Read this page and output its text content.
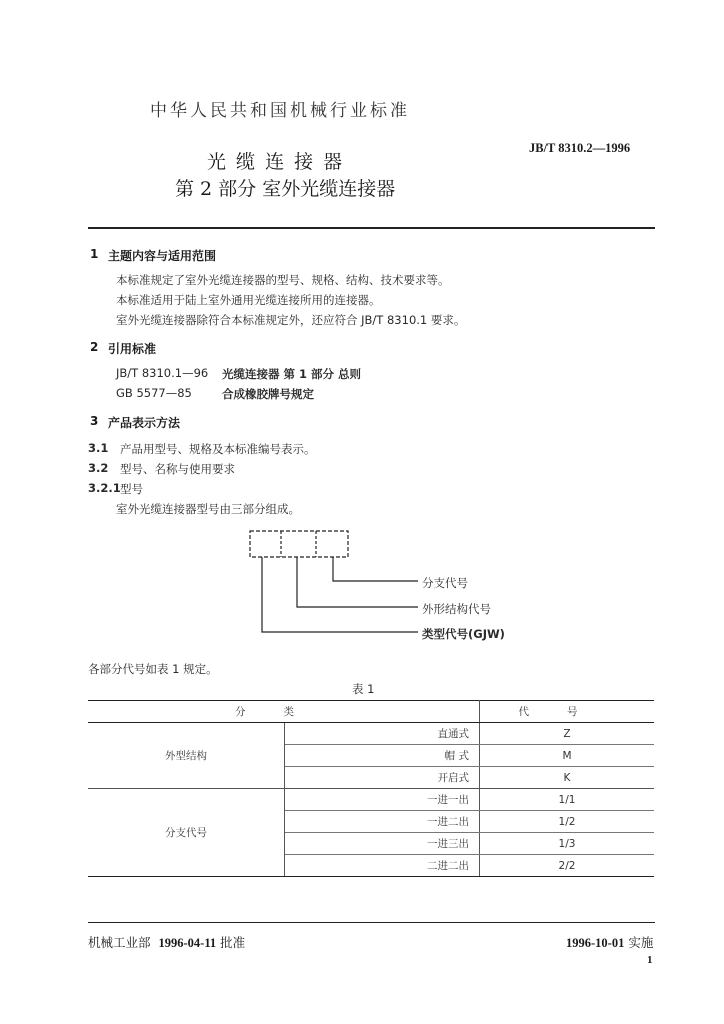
中华人民共和国机械行业标准
JB/T 8310.2—1996
光 缆 连 接 器
第 2 部分 室外光缆连接器
1 主题内容与适用范围
本标准规定了室外光缆连接器的型号、规格、结构、技术要求等。
本标准适用于陆上室外通用光缆连接所用的连接器。
室外光缆连接器除符合本标准规定外，还应符合 JB/T 8310.1 要求。
2 引用标准
JB/T 8310.1—96 光缆连接器 第 1 部分 总则
GB 5577—85	合成橡胶牌号规定
3 产品表示方法
3.1 产品用型号、规格及本标准编号表示。
3.2 型号、名称与使用要求
3.2.1 型号
室外光缆连接器型号由三部分组成。
分支代号
外形结构代号
类型代号(GJW)
各部分代号如表 1 规定。
表 1
分类		代号
外型结构	直通式	Z
	帽 式	M
	开启式	K
分支代号	一进一出	1/1
	一进二出	1/2
	一进三出	1/3
	二进二出	2/2
机械工业部 1996-04-11 批准	1996-10-01 实施
1
